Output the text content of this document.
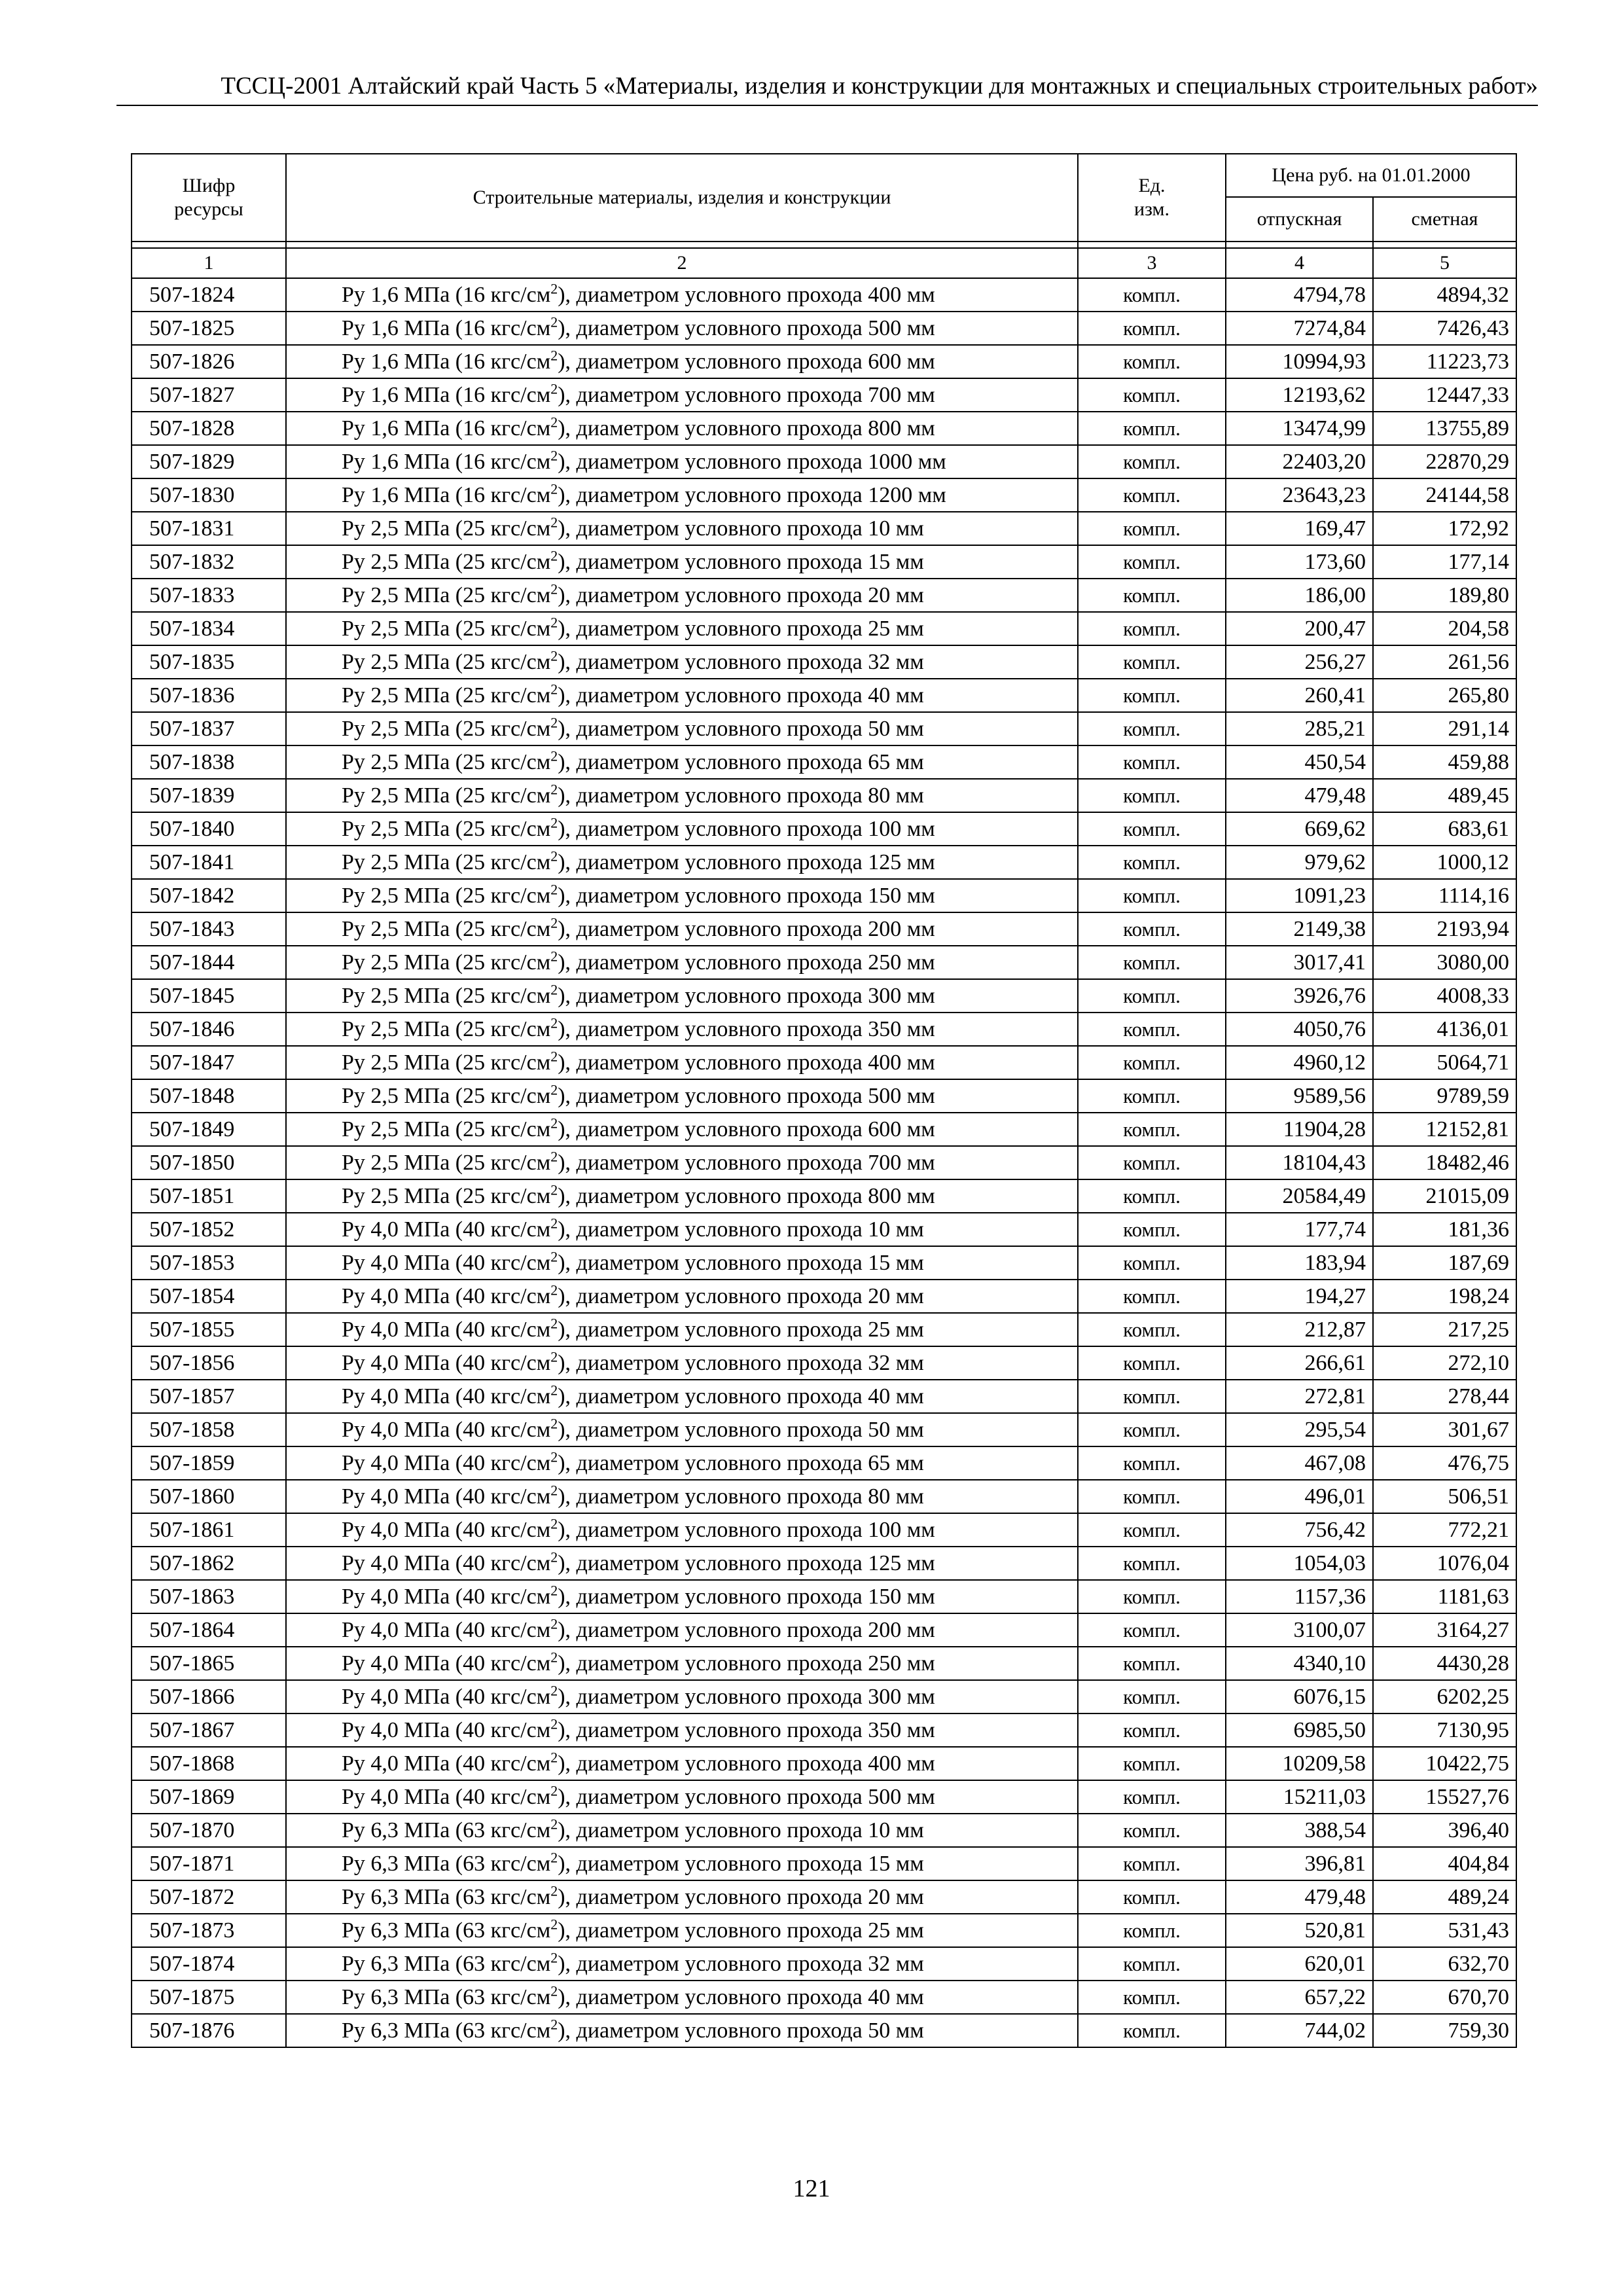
ТССЦ-2001 Алтайский край Часть 5 «Материалы, изделия и конструкции для монтажных и специальных строительных работ»
Шифр ресурсы	Строительные материалы, изделия и конструкции	Ед. изм.	Цена руб. на 01.01.2000	
			отпускная	сметная

1	2	3	4	5
507-1824	Ру 1,6 МПа (16 кгс/$см^2$), диаметром условного прохода 400 мм	компл.	4794,78	4894,32
507-1825	Ру 1,6 МПа (16 кгс/$см^2$), диаметром условного прохода 500 мм	компл.	7274,84	7426,43
507-1826	Ру 1,6 МПа (16 кгс/$см^2$), диаметром условного прохода 600 мм	компл.	10994,93	11223,73
507-1827	Ру 1,6 МПа (16 кгс/$см^2$), диаметром условного прохода 700 мм	компл.	12193,62	12447,33
507-1828	Ру 1,6 МПа (16 кгс/$см^2$), диаметром условного прохода 800 мм	компл.	13474,99	13755,89
507-1829	Ру 1,6 МПа (16 кгс/$см^2$), диаметром условного прохода 1000 мм	компл.	22403,20	22870,29
507-1830	Ру 1,6 МПа (16 кгс/$см^2$), диаметром условного прохода 1200 мм	компл.	23643,23	24144,58
507-1831	Ру 2,5 МПа (25 кгс/$см^2$), диаметром условного прохода 10 мм	компл.	169,47	172,92
507-1832	Ру 2,5 МПа (25 кгс/$см^2$), диаметром условного прохода 15 мм	компл.	173,60	177,14
507-1833	Ру 2,5 МПа (25 кгс/$см^2$), диаметром условного прохода 20 мм	компл.	186,00	189,80
507-1834	Ру 2,5 МПа (25 кгс/$см^2$), диаметром условного прохода 25 мм	компл.	200,47	204,58
507-1835	Ру 2,5 МПа (25 кгс/$см^2$), диаметром условного прохода 32 мм	компл.	256,27	261,56
507-1836	Ру 2,5 МПа (25 кгс/$см^2$), диаметром условного прохода 40 мм	компл.	260,41	265,80
507-1837	Ру 2,5 МПа (25 кгс/$см^2$), диаметром условного прохода 50 мм	компл.	285,21	291,14
507-1838	Ру 2,5 МПа (25 кгс/$см^2$), диаметром условного прохода 65 мм	компл.	450,54	459,88
507-1839	Ру 2,5 МПа (25 кгс/$см^2$), диаметром условного прохода 80 мм	компл.	479,48	489,45
507-1840	Ру 2,5 МПа (25 кгс/$см^2$), диаметром условного прохода 100 мм	компл.	669,62	683,61
507-1841	Ру 2,5 МПа (25 кгс/$см^2$), диаметром условного прохода 125 мм	компл.	979,62	1000,12
507-1842	Ру 2,5 МПа (25 кгс/$см^2$), диаметром условного прохода 150 мм	компл.	1091,23	1114,16
507-1843	Ру 2,5 МПа (25 кгс/$см^2$), диаметром условного прохода 200 мм	компл.	2149,38	2193,94
507-1844	Ру 2,5 МПа (25 кгс/$см^2$), диаметром условного прохода 250 мм	компл.	3017,41	3080,00
507-1845	Ру 2,5 МПа (25 кгс/$см^2$), диаметром условного прохода 300 мм	компл.	3926,76	4008,33
507-1846	Ру 2,5 МПа (25 кгс/$см^2$), диаметром условного прохода 350 мм	компл.	4050,76	4136,01
507-1847	Ру 2,5 МПа (25 кгс/$см^2$), диаметром условного прохода 400 мм	компл.	4960,12	5064,71
507-1848	Ру 2,5 МПа (25 кгс/$см^2$), диаметром условного прохода 500 мм	компл.	9589,56	9789,59
507-1849	Ру 2,5 МПа (25 кгс/$см^2$), диаметром условного прохода 600 мм	компл.	11904,28	12152,81
507-1850	Ру 2,5 МПа (25 кгс/$см^2$), диаметром условного прохода 700 мм	компл.	18104,43	18482,46
507-1851	Ру 2,5 МПа (25 кгс/$см^2$), диаметром условного прохода 800 мм	компл.	20584,49	21015,09
507-1852	Ру 4,0 МПа (40 кгс/$см^2$), диаметром условного прохода 10 мм	компл.	177,74	181,36
507-1853	Ру 4,0 МПа (40 кгс/$см^2$), диаметром условного прохода 15 мм	компл.	183,94	187,69
507-1854	Ру 4,0 МПа (40 кгс/$см^2$), диаметром условного прохода 20 мм	компл.	194,27	198,24
507-1855	Ру 4,0 МПа (40 кгс/$см^2$), диаметром условного прохода 25 мм	компл.	212,87	217,25
507-1856	Ру 4,0 МПа (40 кгс/$см^2$), диаметром условного прохода 32 мм	компл.	266,61	272,10
507-1857	Ру 4,0 МПа (40 кгс/$см^2$), диаметром условного прохода 40 мм	компл.	272,81	278,44
507-1858	Ру 4,0 МПа (40 кгс/$см^2$), диаметром условного прохода 50 мм	компл.	295,54	301,67
507-1859	Ру 4,0 МПа (40 кгс/$см^2$), диаметром условного прохода 65 мм	компл.	467,08	476,75
507-1860	Ру 4,0 МПа (40 кгс/$см^2$), диаметром условного прохода 80 мм	компл.	496,01	506,51
507-1861	Ру 4,0 МПа (40 кгс/$см^2$), диаметром условного прохода 100 мм	компл.	756,42	772,21
507-1862	Ру 4,0 МПа (40 кгс/$см^2$), диаметром условного прохода 125 мм	компл.	1054,03	1076,04
507-1863	Ру 4,0 МПа (40 кгс/$см^2$), диаметром условного прохода 150 мм	компл.	1157,36	1181,63
507-1864	Ру 4,0 МПа (40 кгс/$см^2$), диаметром условного прохода 200 мм	компл.	3100,07	3164,27
507-1865	Ру 4,0 МПа (40 кгс/$см^2$), диаметром условного прохода 250 мм	компл.	4340,10	4430,28
507-1866	Ру 4,0 МПа (40 кгс/$см^2$), диаметром условного прохода 300 мм	компл.	6076,15	6202,25
507-1867	Ру 4,0 МПа (40 кгс/$см^2$), диаметром условного прохода 350 мм	компл.	6985,50	7130,95
507-1868	Ру 4,0 МПа (40 кгс/$см^2$), диаметром условного прохода 400 мм	компл.	10209,58	10422,75
507-1869	Ру 4,0 МПа (40 кгс/$см^2$), диаметром условного прохода 500 мм	компл.	15211,03	15527,76
507-1870	Ру 6,3 МПа (63 кгс/$см^2$), диаметром условного прохода 10 мм	компл.	388,54	396,40
507-1871	Ру 6,3 МПа (63 кгс/$см^2$), диаметром условного прохода 15 мм	компл.	396,81	404,84
507-1872	Ру 6,3 МПа (63 кгс/$см^2$), диаметром условного прохода 20 мм	компл.	479,48	489,24
507-1873	Ру 6,3 МПа (63 кгс/$см^2$), диаметром условного прохода 25 мм	компл.	520,81	531,43
507-1874	Ру 6,3 МПа (63 кгс/$см^2$), диаметром условного прохода 32 мм	компл.	620,01	632,70
507-1875	Ру 6,3 МПа (63 кгс/$см^2$), диаметром условного прохода 40 мм	компл.	657,22	670,70
507-1876	Ру 6,3 МПа (63 кгс/$см^2$), диаметром условного прохода 50 мм	компл.	744,02	759,30
121
